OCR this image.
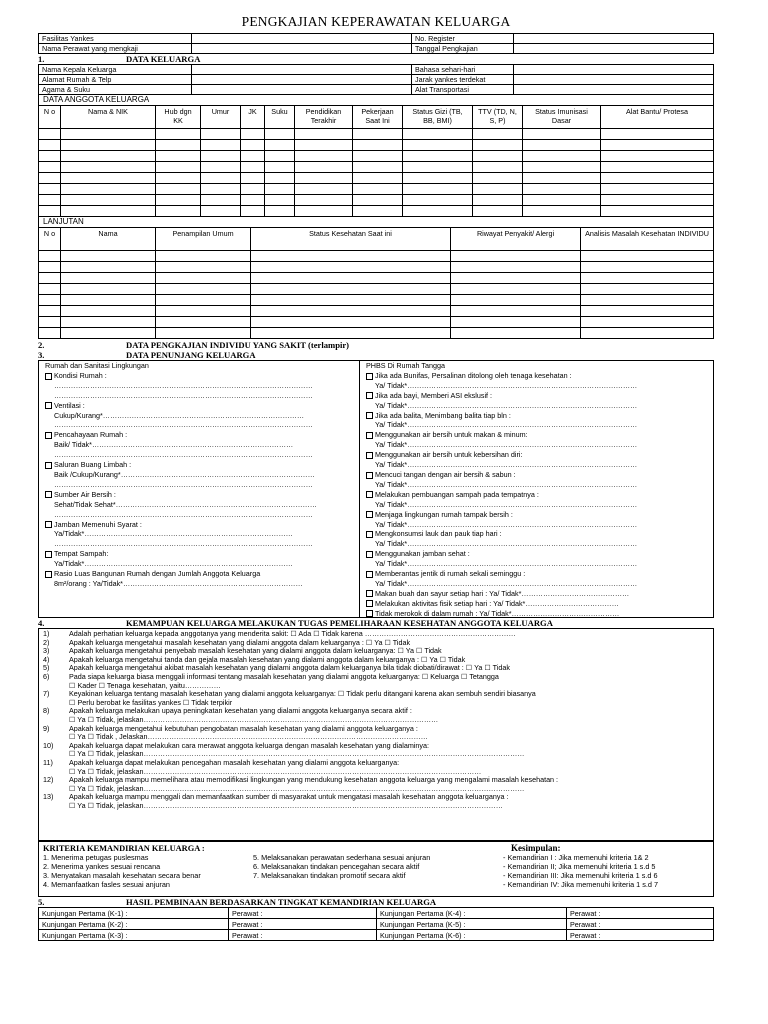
PENGKAJIAN KEPERAWATAN KELUARGA
Fasilitas Yankes		No. Register	
Nama Perawat yang mengkaji		Tanggal Pengkajian	
1.	DATA KELUARGA
Nama Kepala Keluarga		Bahasa sehari-hari	
Alamat Rumah & Telp		Jarak yankes terdekat	
Agama & Suku		Alat Transportasi	
DATA ANGGOTA KELUARGA
N o	Nama & NIK	Hub dgn KK	Umur	JK	Suku	Pendidikan Terakhir	Pekerjaan Saat Ini	Status Gizi (TB, BB, BMI)	TTV (TD, N, S, P)	Status Imunisasi Dasar	Alat Bantu/ Protesa

LANJUTAN
N o	Nama	Penampilan Umum	Status Kesehatan Saat ini	Riwayat Penyakit/ Alergi	Analisis Masalah Kesehatan INDIVIDU

2.	DATA PENGKAJIAN INDIVIDU YANG SAKIT (terlampir)
3.	DATA PENUNJANG KELUARGA
Rumah dan Sanitasi Lingkungan
Kondisi Rumah :
………………………………………………………………………………………………
………………………………………………………………………………………………
Ventilasi :
Cukup/Kurang*…………………………………………………………………………
………………………………………………………………………………………………
Pencahayaan Rumah :
Baik/ Tidak*…………………………………………………………………………
………………………………………………………………………………………………
Saluran Buang Limbah :
Baik /Cukup/Kurang*………………………………………………………………………
………………………………………………………………………………………………
Sumber Air Bersih :
Sehat/Tidak Sehat*…………………………………………………………………………
………………………………………………………………………………………………
Jamban Memenuhi Syarat :
Ya/Tidak*……………………………………………………………………………
………………………………………………………………………………………………
Tempat Sampah:
Ya/Tidak*……………………………………………………………………………
Rasio Luas Bangunan Rumah dengan Jumlah Anggota Keluarga
8m²/orang : Ya/Tidak*…………………………………………………………………
PHBS Di Rumah Tangga
Jika ada Bunifas, Persalinan ditolong oleh tenaga kesehatan :
Ya/ Tidak*……………………………………………………………………………………
Jika ada bayi, Memberi ASI ekslusif :
Ya/ Tidak*……………………………………………………………………………………
Jika ada balita, Menimbang balita tiap bln :
Ya/ Tidak*……………………………………………………………………………………
Menggunakan air bersih untuk makan & minum:
Ya/ Tidak*……………………………………………………………………………………
Menggunakan air bersih untuk kebersihan diri:
Ya/ Tidak*……………………………………………………………………………………
Mencuci tangan dengan air bersih & sabun :
Ya/ Tidak*……………………………………………………………………………………
Melakukan pembuangan sampah pada tempatnya :
Ya/ Tidak*……………………………………………………………………………………
Menjaga lingkungan rumah tampak bersih :
Ya/ Tidak*……………………………………………………………………………………
Mengkonsumsi lauk dan pauk tiap hari :
Ya/ Tidak*……………………………………………………………………………………
Menggunakan jamban sehat :
Ya/ Tidak*……………………………………………………………………………………
Memberantas jentik di rumah sekali seminggu :
Ya/ Tidak*……………………………………………………………………………………
Makan buah dan sayur setiap hari : Ya/ Tidak*………………………………………
Melakukan aktivitas fisik setiap hari : Ya/ Tidak*…………………………………
Tidak merokok di dalam rumah : Ya/ Tidak*………………………………………
4.	KEMAMPUAN KELUARGA MELAKUKAN TUGAS PEMELIHARAAN KESEHATAN ANGGOTA KELUARGA
1)	Adalah perhatian keluarga kepada anggotanya yang menderita sakit: ☐ Ada ☐ Tidak karena ………………………………………………………
2)	Apakah keluarga mengetahui masalah kesehatan yang dialami anggota dalam keluarganya : ☐ Ya ☐ Tidak
3)	Apakah keluarga mengetahui penyebab masalah kesehatan yang dialami anggota dalam keluarganya: ☐ Ya ☐ Tidak
4)	Apakah keluarga mengetahui tanda dan gejala masalah kesehatan yang dialami anggota dalam keluarganya : ☐ Ya ☐ Tidak
5)	Apakah keluarga mengetahui akibat masalah kesehatan yang dialami anggota dalam keluarganya bila tidak diobati/dirawat : ☐ Ya ☐ Tidak
6)	Pada siapa keluarga biasa menggali informasi tentang masalah kesehatan yang dialami anggota keluarganya: ☐ Keluarga ☐ Tetangga
☐ Kader ☐ Tenaga kesehatan, yaitu……………
7)	Keyakinan keluarga tentang masalah kesehatan yang dialami anggota keluarganya: ☐ Tidak perlu ditangani karena akan sembuh sendiri biasanya
☐ Perlu berobat ke fasilitas yankes ☐ Tidak terpikir
8)	Apakah keluarga melakukan upaya peningkatan kesehatan yang dialami anggota keluarganya secara aktif :
☐ Ya ☐ Tidak, jelaskan……………………………………………………………………………………………………………
9)	Apakah keluarga mengetahui kebutuhan pengobatan masalah kesehatan yang dialami anggota keluarganya :
☐ Ya ☐ Tidak , Jelaskan………………………………………………………………………………………………………
10)	Apakah keluarga dapat melakukan cara merawat anggota keluarga dengan masalah kesehatan yang dialaminya:
☐ Ya ☐ Tidak, jelaskan……………………………………………………………………………………………………………………………………………
11)	Apakah keluarga dapat melakukan pencegahan masalah kesehatan yang dialami anggota keluarganya:
☐ Ya ☐ Tidak, jelaskan……………………………………………………………………………………………………………………………
12)	Apakah keluarga mampu memelihara atau memodifikasi lingkungan yang mendukung kesehatan anggota keluarga yang mengalami masalah kesehatan :
☐ Ya ☐ Tidak, jelaskan……………………………………………………………………………………………………………………………………………
13)	Apakah keluarga mampu menggali dan memanfaatkan sumber di masyarakat untuk mengatasi masalah kesehatan anggota keluarganya :
☐ Ya ☐ Tidak, jelaskan……………………………………………………………………………………………………………………………………
KRITERIA KEMANDIRIAN KELUARGA :
1. Menerima petugas puslesmas
2. Menerima yankes sesuai rencana
3. Menyatakan masalah kesehatan secara benar
4. Memanfaatkan fasles sesuai anjuran
5. Melaksanakan perawatan sederhana sesuai anjuran
6. Melaksanakan tindakan pencegahan secara aktif
7. Melaksanakan tindakan promotif secara aktif
Kesimpulan:
- Kemandirian I : Jika memenuhi kriteria 1& 2
- Kemandirian II; Jika memenuhi kriteria 1 s.d 5
- Kemandirian III: Jika memenuhi kriteria 1 s.d 6
- Kemandirian IV: Jika memenuhi kriteria 1 s.d 7
5.	HASIL PEMBINAAN BERDASARKAN TINGKAT KEMANDIRIAN KELUARGA
Kunjungan Pertama (K-1) :	Perawat :	Kunjungan Pertama (K-4) :	Perawat :
Kunjungan Pertama (K-2) :	Perawat :	Kunjungan Pertama (K-5) :	Perawat :
Kunjungan Pertama (K-3) :	Perawat :	Kunjungan Pertama (K-6) :	Perawat :
